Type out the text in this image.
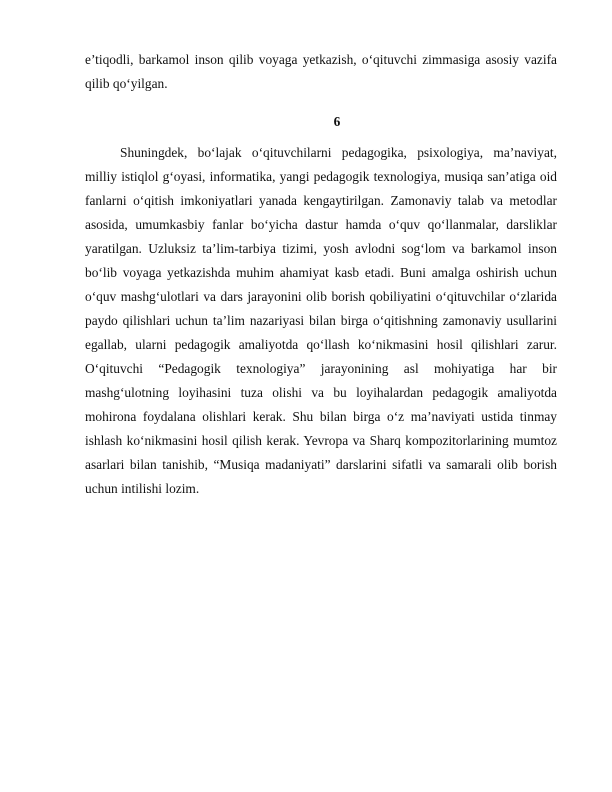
e’tiqodli, barkamol inson qilib voyaga yetkazish, o‘qituvchi zimmasiga asosiy vazifa qilib qo‘yilgan.

6

Shuningdek, bo‘lajak o‘qituvchilarni pedagogika, psixologiya, ma’naviyat, milliy istiqlol g‘oyasi, informatika, yangi pedagogik texnologiya, musiqa san’atiga oid fanlarni o‘qitish imkoniyatlari yanada kengaytirilgan. Zamonaviy talab va metodlar asosida, umumkasbiy fanlar bo‘yicha dastur hamda o‘quv qo‘llanmalar, darsliklar yaratilgan. Uzluksiz ta’lim-tarbiya tizimi, yosh avlodni sog‘lom va barkamol inson bo‘lib voyaga yetkazishda muhim ahamiyat kasb etadi. Buni amalga oshirish uchun o‘quv mashg‘ulotlari va dars jarayonini olib borish qobiliyatini o‘qituvchilar o‘zlarida paydo qilishlari uchun ta’lim nazariyasi bilan birga o‘qitishning zamonaviy usullarini egallab, ularni pedagogik amaliyotda qo‘llash ko‘nikmasini hosil qilishlari zarur. O‘qituvchi “Pedagogik texnologiya” jarayonining asl mohiyatiga har bir mashg‘ulotning loyihasini tuza olishi va bu loyihalardan pedagogik amaliyotda mohirona foydalana olishlari kerak. Shu bilan birga o‘z ma’naviyati ustida tinmay ishlash ko‘nikmasini hosil qilish kerak. Yevropa va Sharq kompozitorlarining mumtoz asarlari bilan tanishib, “Musiqa madaniyati” darslarini sifatli va samarali olib borish uchun intilishi lozim.
